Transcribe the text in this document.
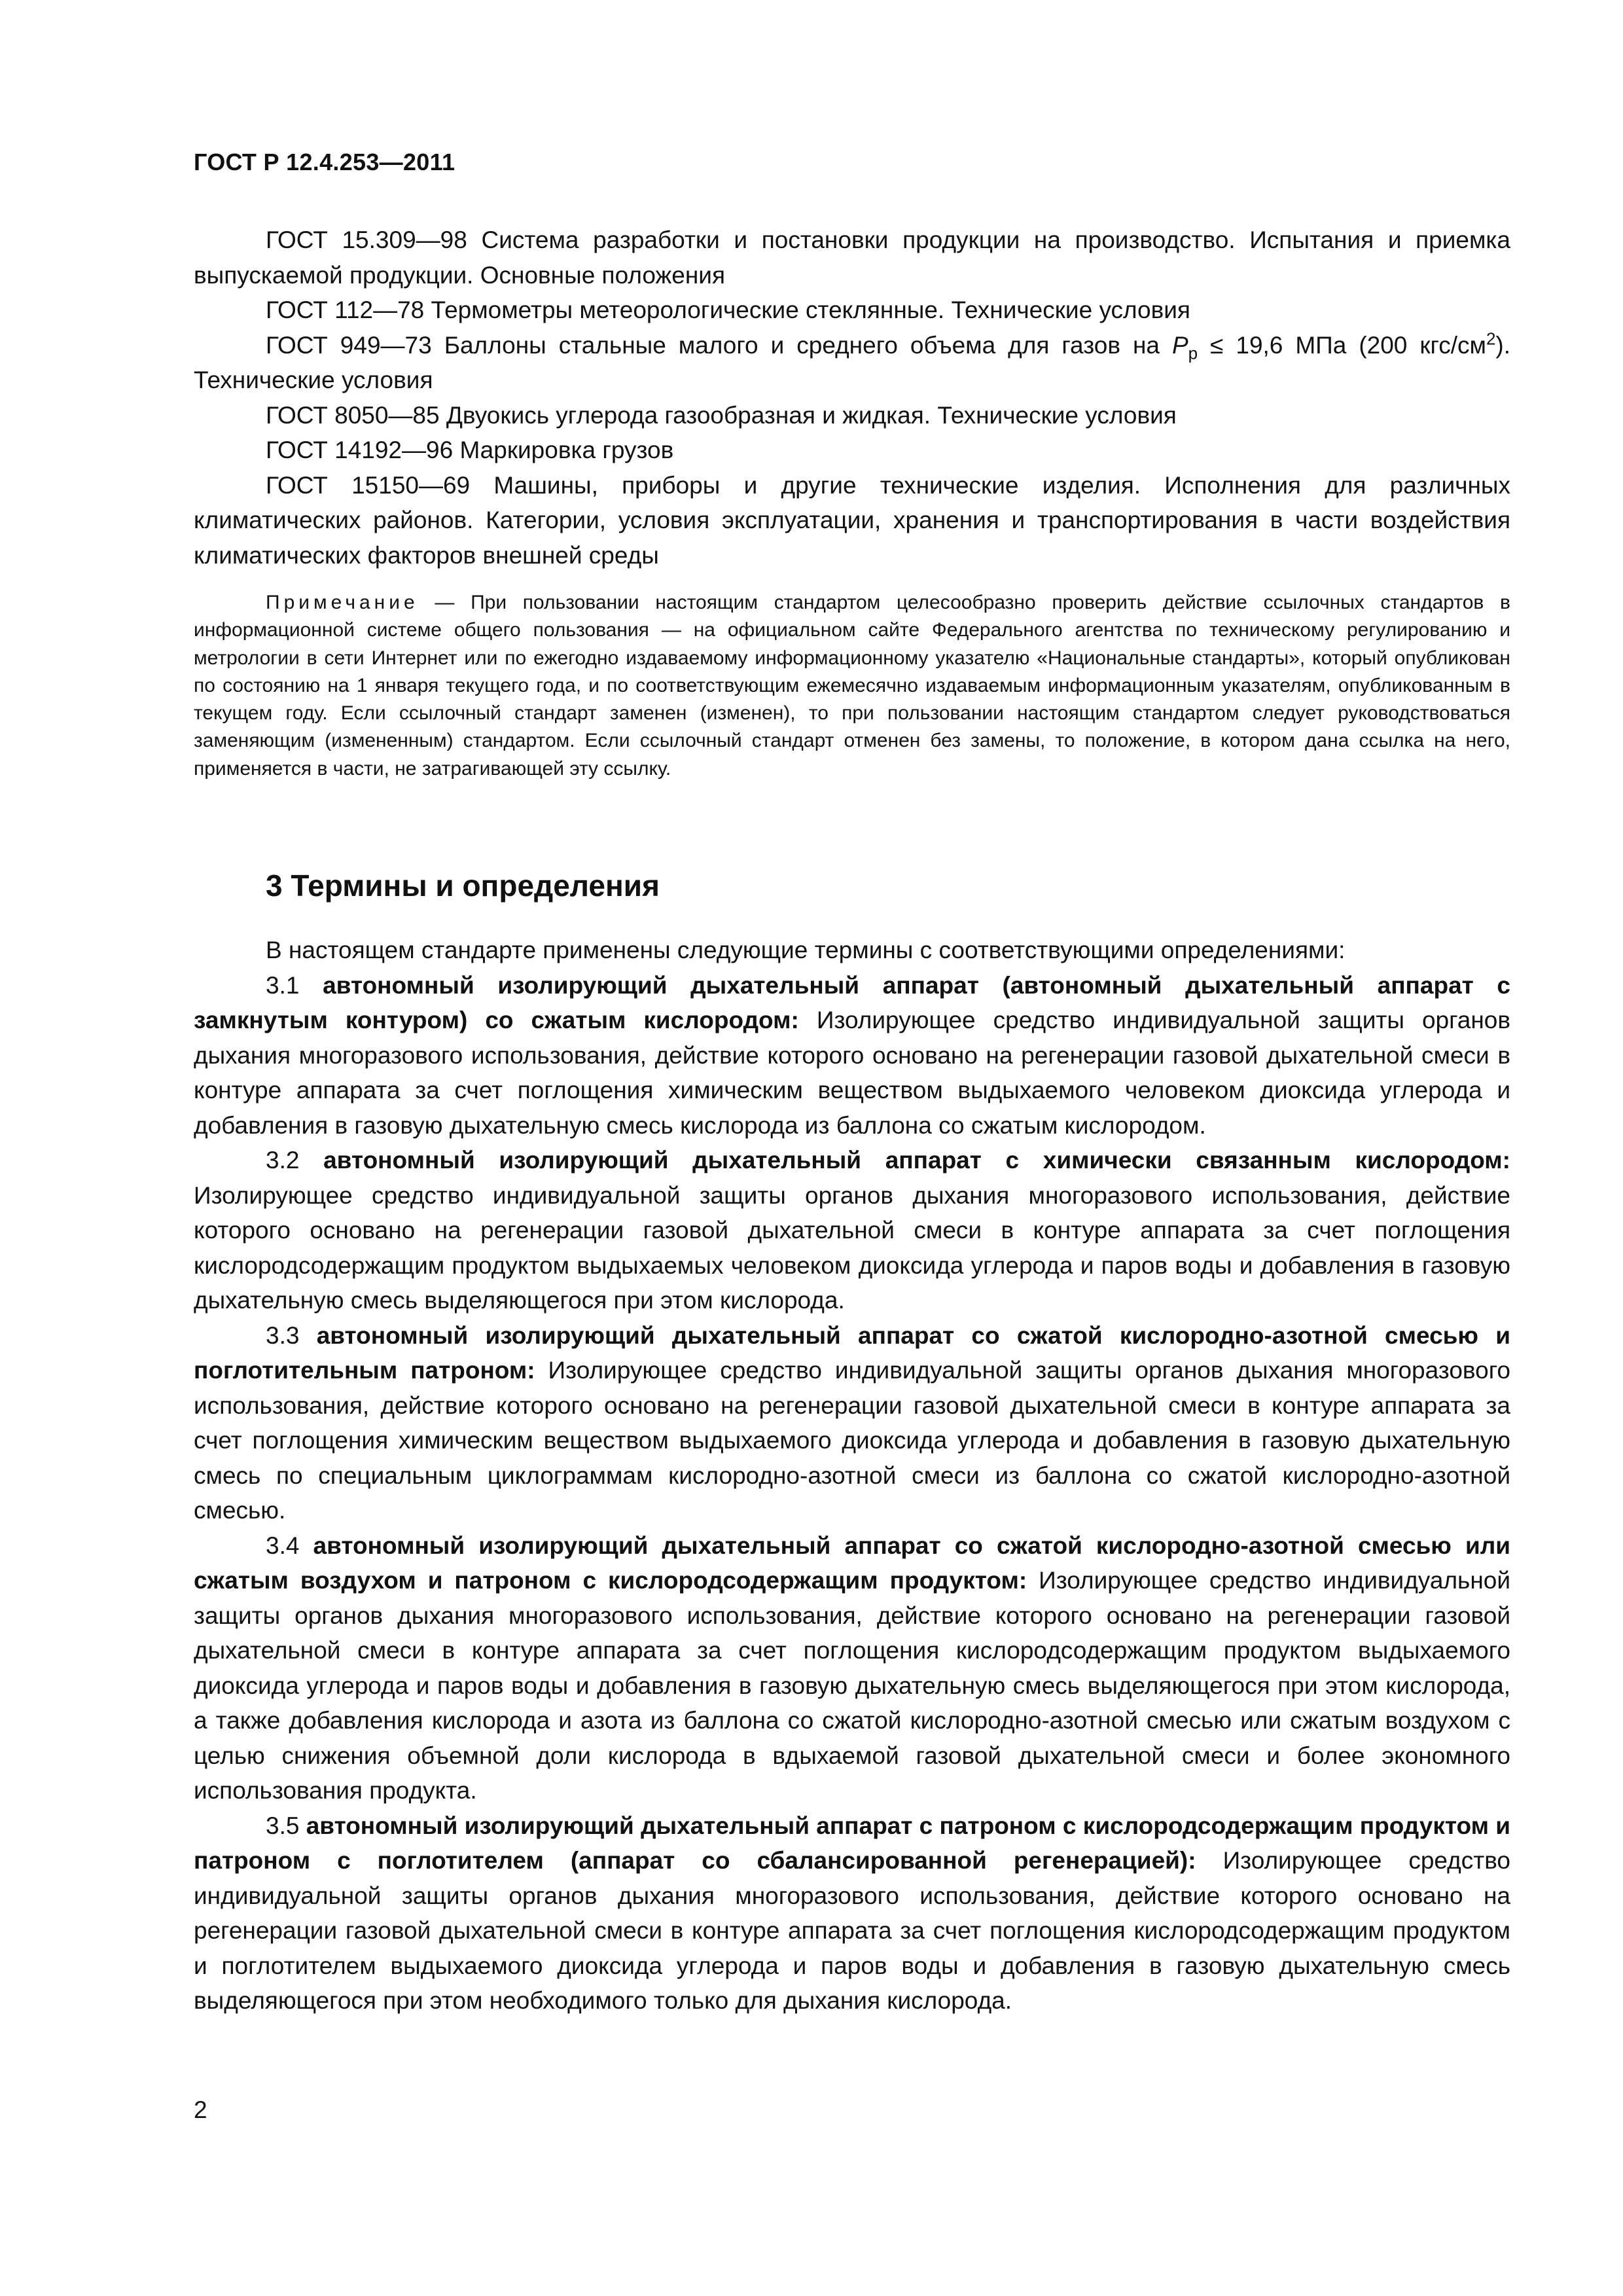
ГОСТ Р 12.4.253—2011

ГОСТ 15.309—98 Система разработки и постановки продукции на производство. Испытания и приемка выпускаемой продукции. Основные положения

ГОСТ 112—78 Термометры метеорологические стеклянные. Технические условия

ГОСТ 949—73 Баллоны стальные малого и среднего объема для газов на $P_р \le 19,6$ МПа (200 кгс/$см^2$). Технические условия

ГОСТ 8050—85 Двуокись углерода газообразная и жидкая. Технические условия

ГОСТ 14192—96 Маркировка грузов

ГОСТ 15150—69 Машины, приборы и другие технические изделия. Исполнения для различных климатических районов. Категории, условия эксплуатации, хранения и транспортирования в части воздействия климатических факторов внешней среды

Примечание — При пользовании настоящим стандартом целесообразно проверить действие ссылочных стандартов в информационной системе общего пользования — на официальном сайте Федерального агентства по техническому регулированию и метрологии в сети Интернет или по ежегодно издаваемому информационному указателю «Национальные стандарты», который опубликован по состоянию на 1 января текущего года, и по соответствующим ежемесячно издаваемым информационным указателям, опубликованным в текущем году. Если ссылочный стандарт заменен (изменен), то при пользовании настоящим стандартом следует руководствоваться заменяющим (измененным) стандартом. Если ссылочный стандарт отменен без замены, то положение, в котором дана ссылка на него, применяется в части, не затрагивающей эту ссылку.

3 Термины и определения

В настоящем стандарте применены следующие термины с соответствующими определениями:

3.1 автономный изолирующий дыхательный аппарат (автономный дыхательный аппарат с замкнутым контуром) со сжатым кислородом: Изолирующее средство индивидуальной защиты органов дыхания многоразового использования, действие которого основано на регенерации газовой дыхательной смеси в контуре аппарата за счет поглощения химическим веществом выдыхаемого человеком диоксида углерода и добавления в газовую дыхательную смесь кислорода из баллона со сжатым кислородом.

3.2 автономный изолирующий дыхательный аппарат с химически связанным кислородом: Изолирующее средство индивидуальной защиты органов дыхания многоразового использования, действие которого основано на регенерации газовой дыхательной смеси в контуре аппарата за счет поглощения кислородсодержащим продуктом выдыхаемых человеком диоксида углерода и паров воды и добавления в газовую дыхательную смесь выделяющегося при этом кислорода.

3.3 автономный изолирующий дыхательный аппарат со сжатой кислородно-азотной смесью и поглотительным патроном: Изолирующее средство индивидуальной защиты органов дыхания многоразового использования, действие которого основано на регенерации газовой дыхательной смеси в контуре аппарата за счет поглощения химическим веществом выдыхаемого диоксида углерода и добавления в газовую дыхательную смесь по специальным циклограммам кислородно-азотной смеси из баллона со сжатой кислородно-азотной смесью.

3.4 автономный изолирующий дыхательный аппарат со сжатой кислородно-азотной смесью или сжатым воздухом и патроном с кислородсодержащим продуктом: Изолирующее средство индивидуальной защиты органов дыхания многоразового использования, действие которого основано на регенерации газовой дыхательной смеси в контуре аппарата за счет поглощения кислородсодержащим продуктом выдыхаемого диоксида углерода и паров воды и добавления в газовую дыхательную смесь выделяющегося при этом кислорода, а также добавления кислорода и азота из баллона со сжатой кислородно-азотной смесью или сжатым воздухом с целью снижения объемной доли кислорода в вдыхаемой газовой дыхательной смеси и более экономного использования продукта.

3.5 автономный изолирующий дыхательный аппарат с патроном с кислородсодержащим продуктом и патроном с поглотителем (аппарат со сбалансированной регенерацией): Изолирующее средство индивидуальной защиты органов дыхания многоразового использования, действие которого основано на регенерации газовой дыхательной смеси в контуре аппарата за счет поглощения кислородсодержащим продуктом и поглотителем выдыхаемого диоксида углерода и паров воды и добавления в газовую дыхательную смесь выделяющегося при этом необходимого только для дыхания кислорода.

2
